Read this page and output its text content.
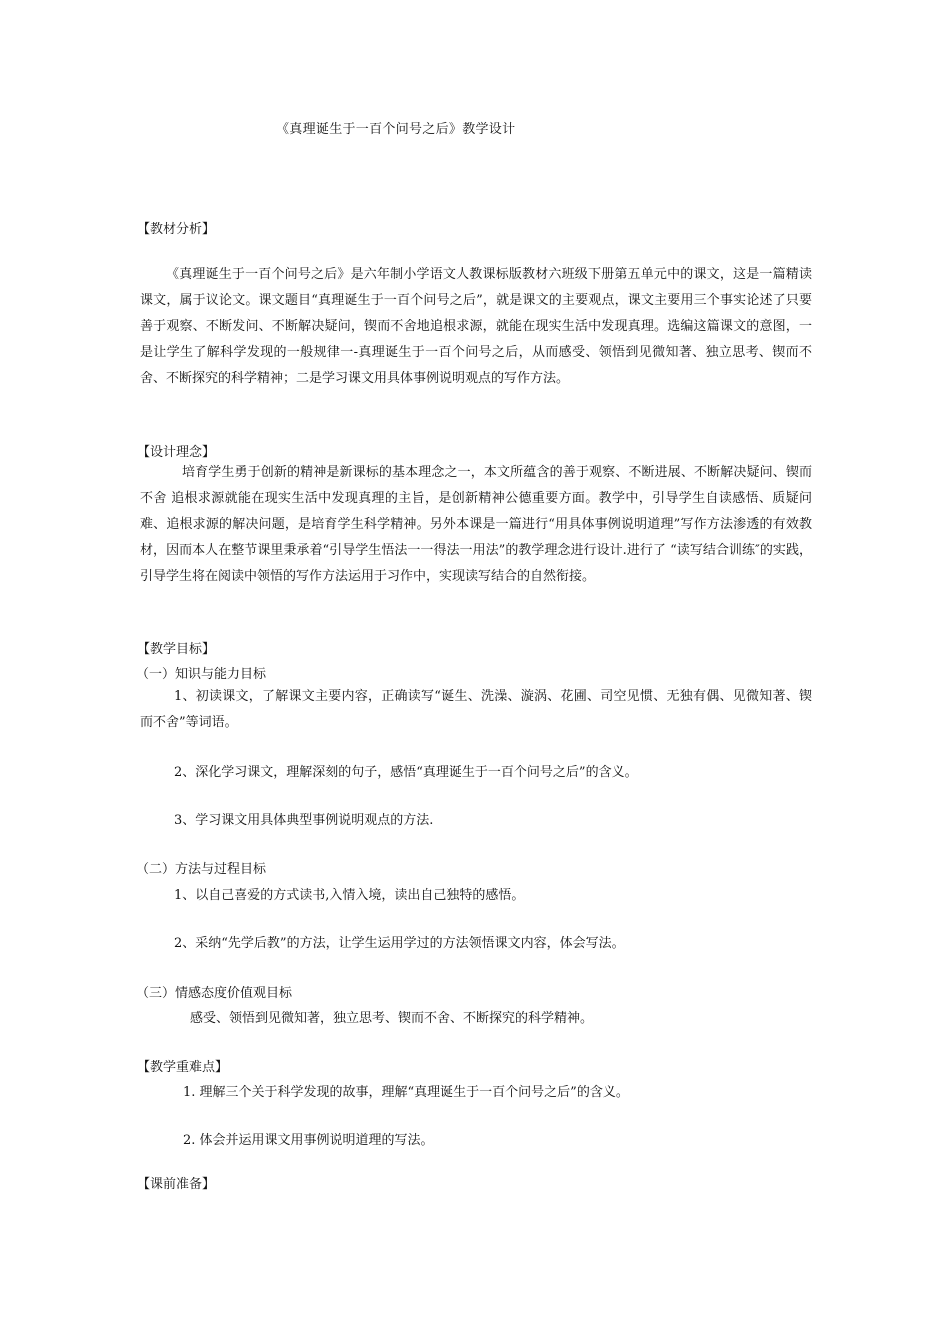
《真理诞生于一百个问号之后》教学设计
【教材分析】
《真理诞生于一百个问号之后》是六年制小学语文人教课标版教材六班级下册第五单元中的课文，这是一篇精读课文，属于议论文。课文题目“真理诞生于一百个问号之后”，就是课文的主要观点，课文主要用三个事实论述了只要善于观察、不断发问、不断解决疑问，锲而不舍地追根求源，就能在现实生活中发现真理。选编这篇课文的意图，一是让学生了解科学发现的一般规律一-真理诞生于一百个问号之后，从而感受、领悟到见微知著、独立思考、锲而不舍、不断探究的科学精神；二是学习课文用具体事例说明观点的写作方法。
【设计理念】
培育学生勇于创新的精神是新课标的基本理念之一，本文所蕴含的善于观察、不断进展、不断解决疑问、锲而不舍 追根求源就能在现实生活中发现真理的主旨，是创新精神公德重要方面。教学中，引导学生自读感悟、质疑问难、追根求源的解决问题，是培育学生科学精神。另外本课是一篇进行“用具体事例说明道理”写作方法渗透的有效教材，因而本人在整节课里秉承着“引导学生悟法一一得法一用法”的教学理念进行设计.进行了 “读写结合训练″的实践，引导学生将在阅读中领悟的写作方法运用于习作中，实现读写结合的自然衔接。
【教学目标】
（一）知识与能力目标
1、初读课文，了解课文主要内容，正确读写“诞生、洗澡、漩涡、花圃、司空见惯、无独有偶、见微知著、锲而不舍”等词语。
2、深化学习课文，理解深刻的句子，感悟“真理诞生于一百个问号之后”的含义。
3、学习课文用具体典型事例说明观点的方法.
（二）方法与过程目标
1、以自己喜爱的方式读书,入情入境，读出自己独特的感悟。
2、采纳“先学后教”的方法，让学生运用学过的方法领悟课文内容，体会写法。
（三）情感态度价值观目标
感受、领悟到见微知著，独立思考、锲而不舍、不断探究的科学精神。
【教学重难点】
1. 理解三个关于科学发现的故事，理解“真理诞生于一百个问号之后”的含义。
2. 体会并运用课文用事例说明道理的写法。
【课前准备】
